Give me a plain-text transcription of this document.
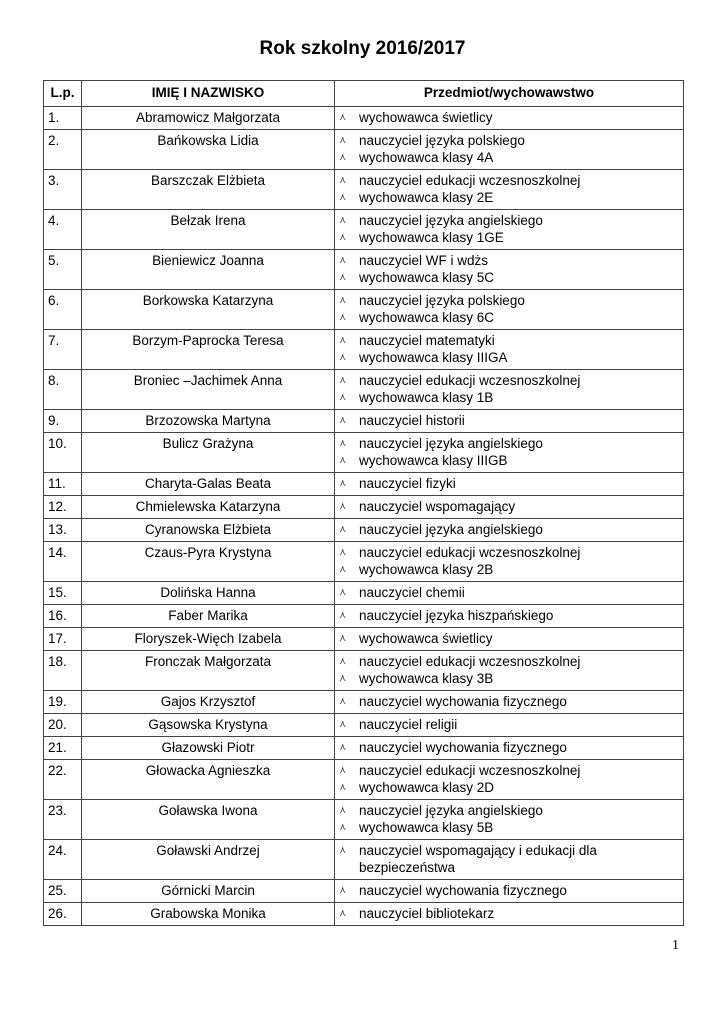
Rok szkolny 2016/2017
L.p.	IMIĘ I NAZWISKO	Przedmiot/wychowawstwo
1.	Abramowicz Małgorzata	⋏ wychowawca świetlicy

2.	Bańkowska Lidia	⋏ nauczyciel języka polskiego
⋏ wychowawca klasy 4A

3.	Barszczak Elżbieta	⋏ nauczyciel edukacji wczesnoszkolnej
⋏ wychowawca klasy 2E

4.	Bełzak Irena	⋏ nauczyciel języka angielskiego
⋏ wychowawca klasy 1GE

5.	Bieniewicz Joanna	⋏ nauczyciel WF i wdżs
⋏ wychowawca klasy 5C

6.	Borkowska Katarzyna	⋏ nauczyciel języka polskiego
⋏ wychowawca klasy 6C

7.	Borzym-Paprocka Teresa	⋏ nauczyciel matematyki
⋏ wychowawca klasy IIIGA

8.	Broniec –Jachimek Anna	⋏ nauczyciel edukacji wczesnoszkolnej
⋏ wychowawca klasy 1B

9.	Brzozowska Martyna	⋏ nauczyciel historii

10.	Bulicz Grażyna	⋏ nauczyciel języka angielskiego
⋏ wychowawca klasy IIIGB

11.	Charyta-Galas Beata	⋏ nauczyciel fizyki

12.	Chmielewska Katarzyna	⋏ nauczyciel wspomagający

13.	Cyranowska Elżbieta	⋏ nauczyciel języka angielskiego

14.	Czaus-Pyra Krystyna	⋏ nauczyciel edukacji wczesnoszkolnej
⋏ wychowawca klasy 2B

15.	Dolińska Hanna	⋏ nauczyciel chemii

16.	Faber Marika	⋏ nauczyciel języka hiszpańskiego

17.	Floryszek-Więch Izabela	⋏ wychowawca świetlicy

18.	Fronczak Małgorzata	⋏ nauczyciel edukacji wczesnoszkolnej
⋏ wychowawca klasy 3B

19.	Gajos Krzysztof	⋏ nauczyciel wychowania fizycznego

20.	Gąsowska Krystyna	⋏ nauczyciel religii

21.	Głazowski Piotr	⋏ nauczyciel wychowania fizycznego

22.	Głowacka Agnieszka	⋏ nauczyciel edukacji wczesnoszkolnej
⋏ wychowawca klasy 2D

23.	Goławska Iwona	⋏ nauczyciel języka angielskiego
⋏ wychowawca klasy 5B

24.	Goławski Andrzej	⋏ nauczyciel wspomagający i edukacji dla bezpieczeństwa

25.	Górnicki Marcin	⋏ nauczyciel wychowania fizycznego

26.	Grabowska Monika	⋏ nauczyciel bibliotekarz
1
